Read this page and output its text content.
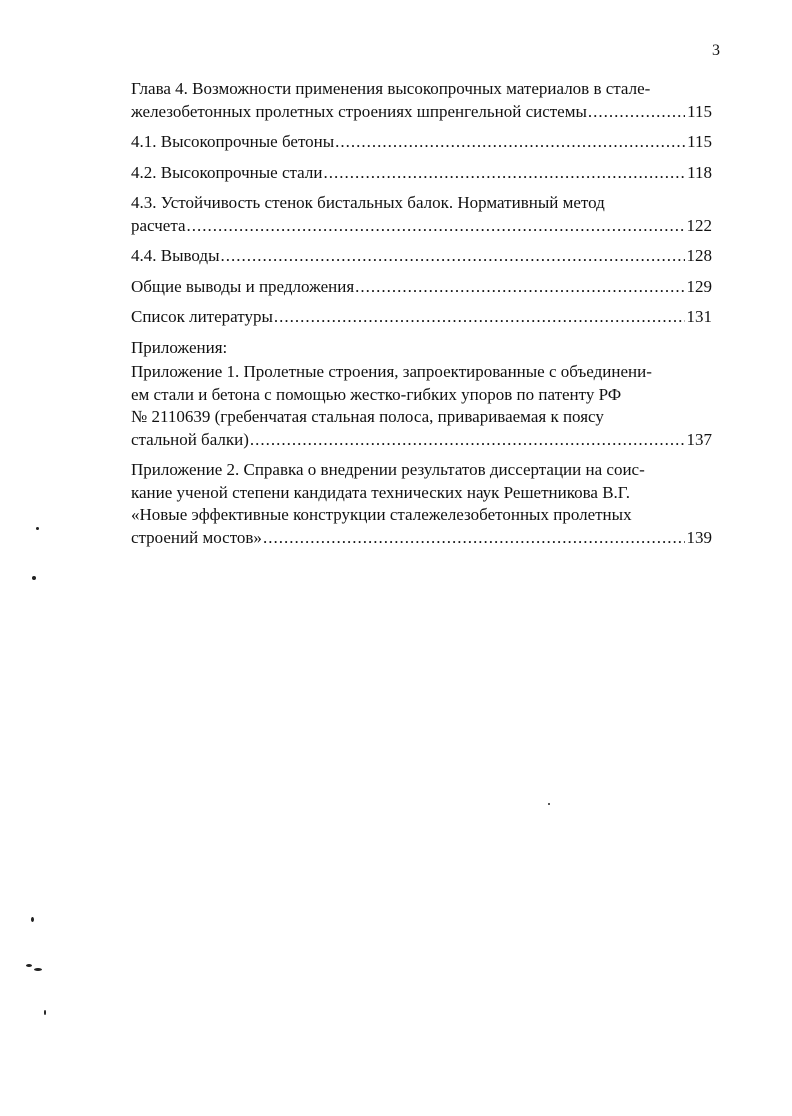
3
Глава 4. Возможности применения высокопрочных материалов в стале-
железобетонных пролетных строениях шпренгельной системы .....	115
4.1. Высокопрочные бетоны .....	115
4.2. Высокопрочные стали .....	118
4.3. Устойчивость стенок бистальных балок. Нормативный метод
расчета .....	122
4.4. Выводы .....	128
Общие выводы и предложения .....	129
Список литературы .....	131
Приложения:
Приложение 1. Пролетные строения, запроектированные с объединени-
ем стали и бетона с помощью жестко-гибких упоров по патенту РФ
№ 2110639 (гребенчатая стальная полоса, привариваемая к поясу
стальной балки) .....	137
Приложение 2. Справка о внедрении результатов диссертации на соис-
кание ученой степени кандидата технических наук Решетникова В.Г.
«Новые эффективные конструкции сталежелезобетонных пролетных
строений мостов» .....	139
